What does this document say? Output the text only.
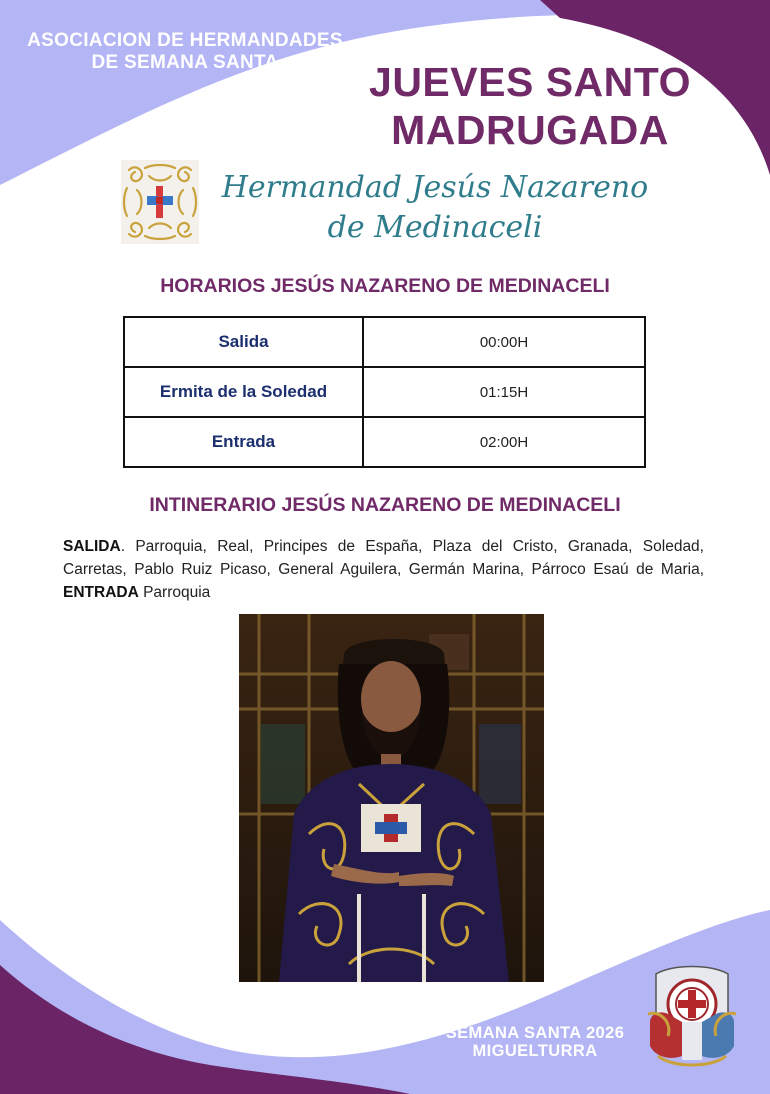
ASOCIACION DE HERMANDADES
DE SEMANA SANTA	JUEVES SANTO
MADRUGADA
Hermandad Jesús Nazareno
de Medinaceli
HORARIOS JESÚS NAZARENO DE MEDINACELI
Salida	00:00H
Ermita de la Soledad	01:15H
Entrada	02:00H
INTINERARIO JESÚS NAZARENO DE MEDINACELI
SALIDA. Parroquia, Real, Principes de España, Plaza del Cristo, Granada, Soledad, Carretas, Pablo Ruiz Picaso, General Aguilera, Germán Marina, Párroco Esaú de Maria, ENTRADA Parroquia
SEMANA SANTA 2026
MIGUELTURRA
